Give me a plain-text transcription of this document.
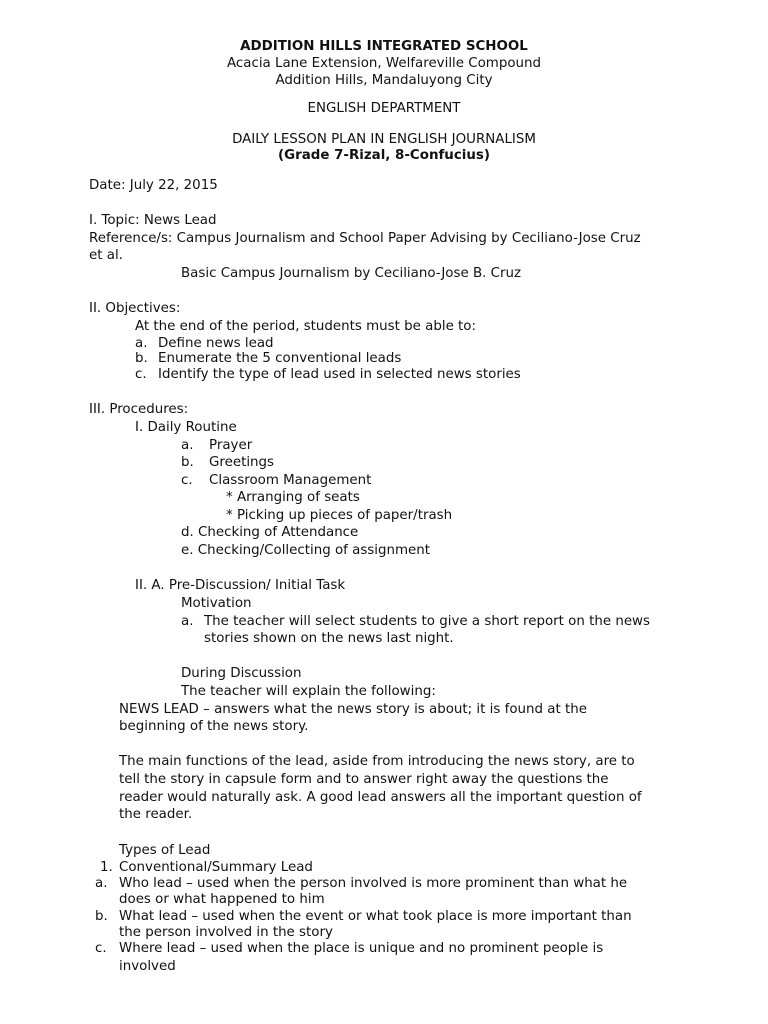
ADDITION HILLS INTEGRATED SCHOOL
Acacia Lane Extension, Welfareville Compound
Addition Hills, Mandaluyong City
ENGLISH DEPARTMENT
DAILY LESSON PLAN IN ENGLISH JOURNALISM
(Grade 7-Rizal, 8-Confucius)
Date: July 22, 2015
I. Topic: News Lead
Reference/s: Campus Journalism and School Paper Advising by Ceciliano-Jose Cruz
et al.
Basic Campus Journalism by Ceciliano-Jose B. Cruz
II. Objectives:
At the end of the period, students must be able to:
a. Define news lead
b. Enumerate the 5 conventional leads
c. Identify the type of lead used in selected news stories
III. Procedures:
I. Daily Routine
a. Prayer
b. Greetings
c. Classroom Management
* Arranging of seats
* Picking up pieces of paper/trash
d. Checking of Attendance
e. Checking/Collecting of assignment
II. A. Pre-Discussion/ Initial Task
Motivation
a. The teacher will select students to give a short report on the news
stories shown on the news last night.
During Discussion
The teacher will explain the following:
NEWS LEAD – answers what the news story is about; it is found at the
beginning of the news story.
The main functions of the lead, aside from introducing the news story, are to
tell the story in capsule form and to answer right away the questions the
reader would naturally ask. A good lead answers all the important question of
the reader.
Types of Lead
1. Conventional/Summary Lead
a. Who lead – used when the person involved is more prominent than what he
does or what happened to him
b. What lead – used when the event or what took place is more important than
the person involved in the story
c. Where lead – used when the place is unique and no prominent people is
involved
